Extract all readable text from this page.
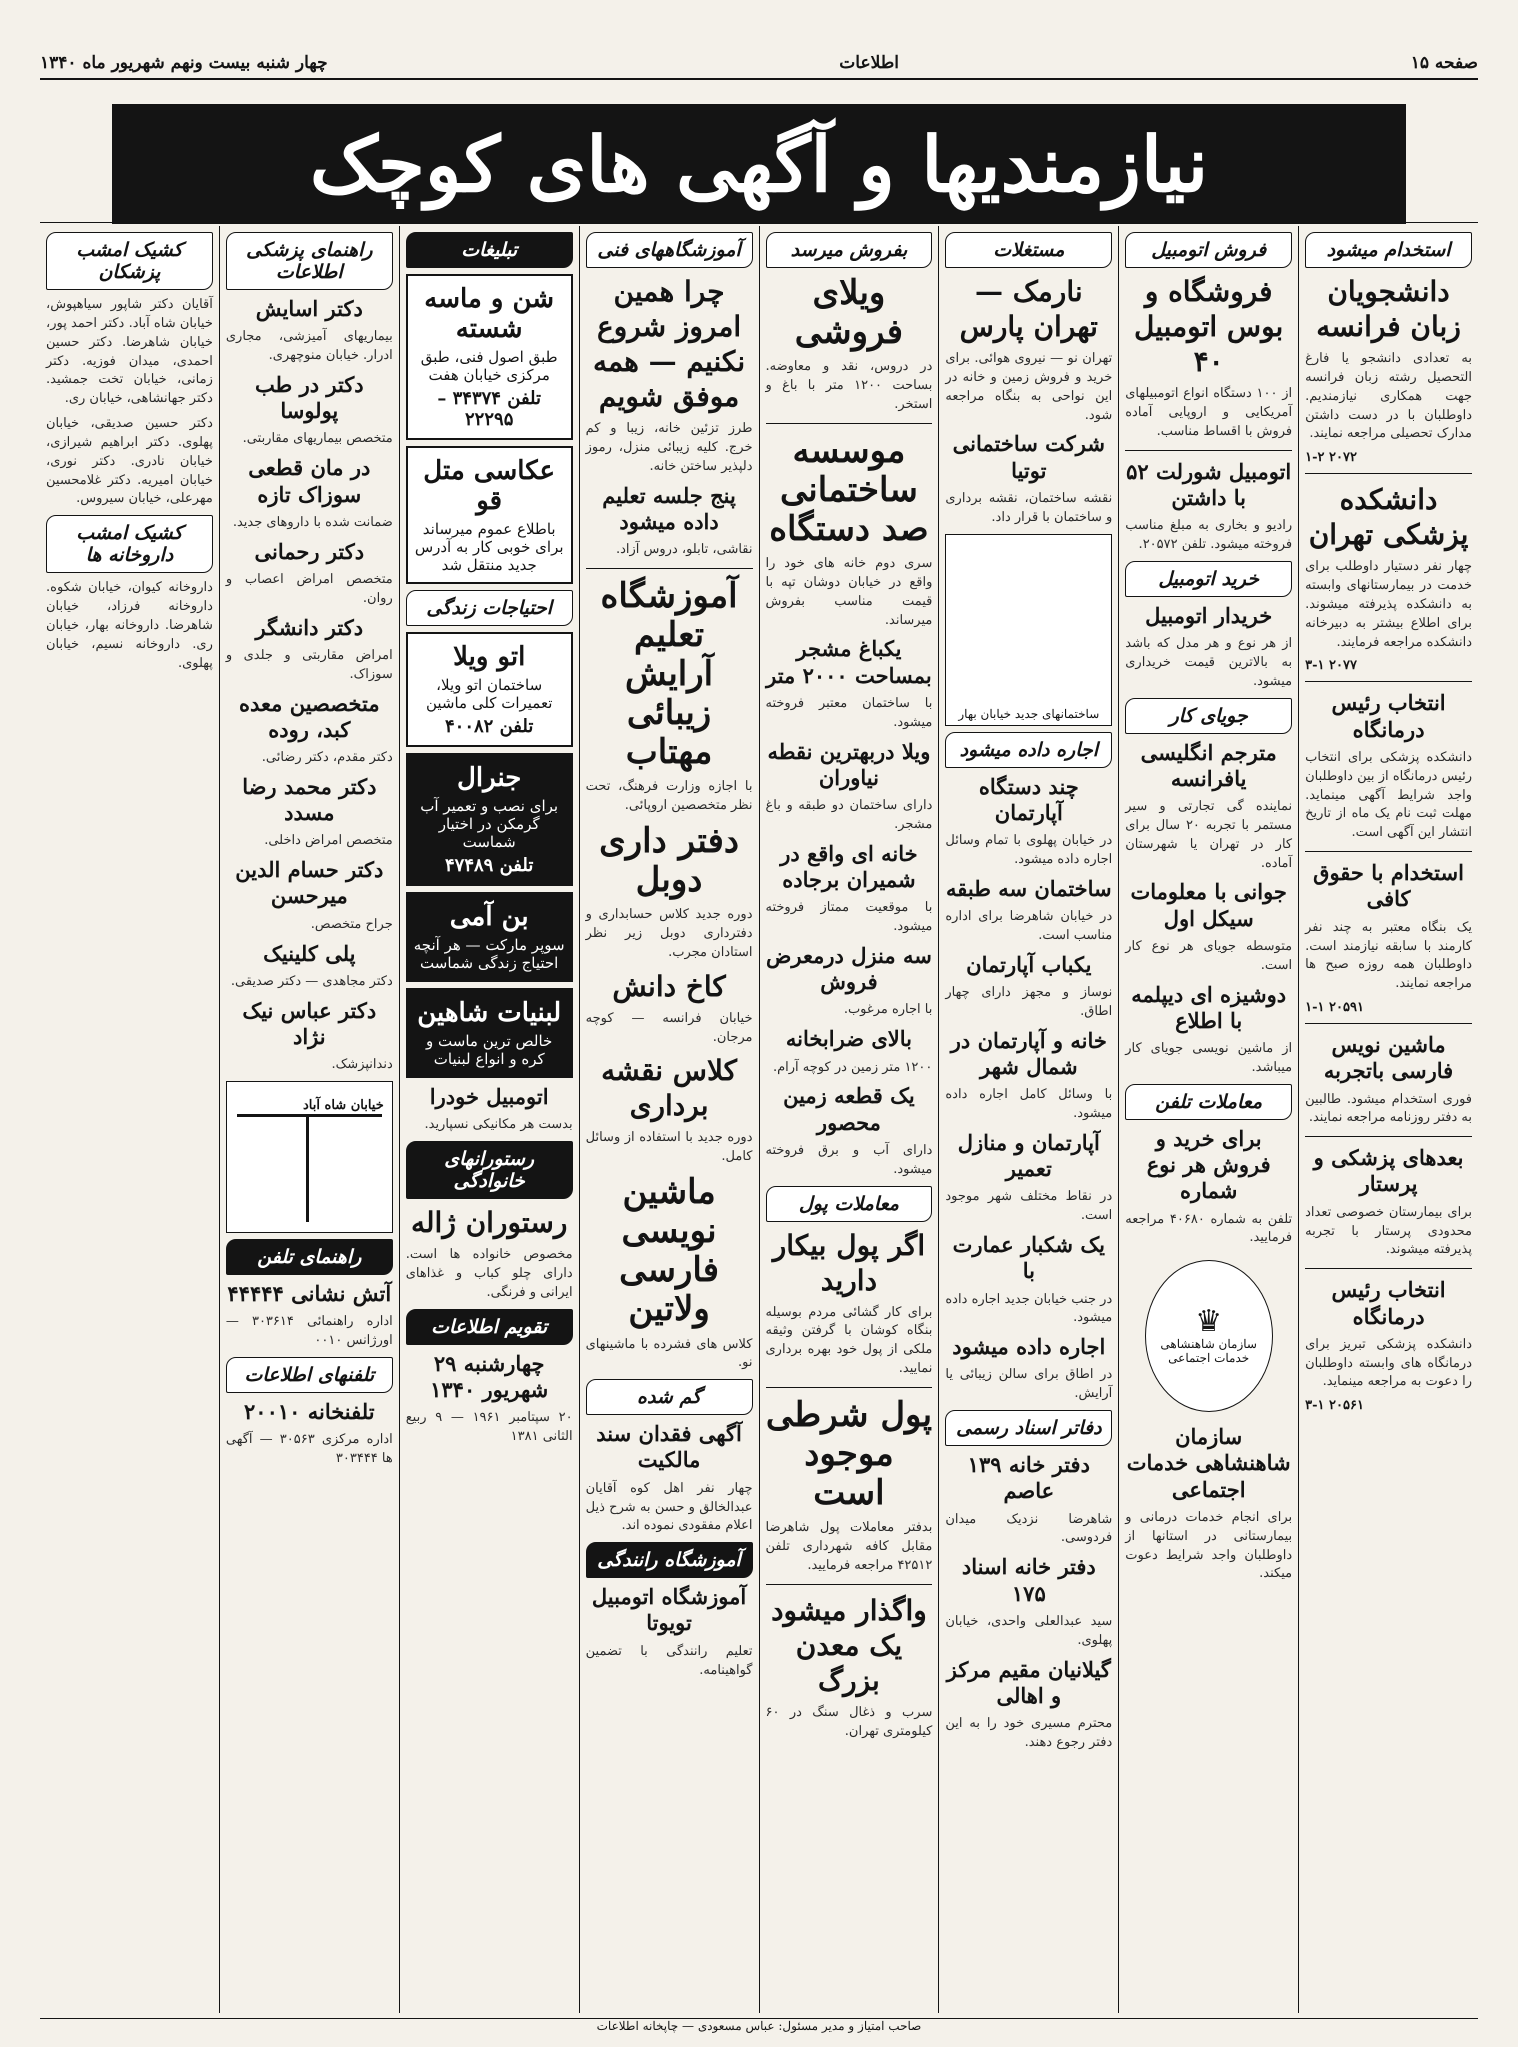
صفحه ۱۵
اطلاعات
چهار شنبه بیست ونهم شهریور ماه ۱۳۴۰
نیازمندیها و آگهی های کوچک
استخدام میشود
دانشجویان زبان فرانسه
به تعدادی دانشجو یا فارغ التحصیل رشته زبان فرانسه جهت همکاری نیازمندیم. داوطلبان با در دست داشتن مدارک تحصیلی مراجعه نمایند.
۱-۲ ۲۰۷۲
دانشکده پزشکی تهران
چهار نفر دستیار داوطلب برای خدمت در بیمارستانهای وابسته به دانشکده پذیرفته میشوند. برای اطلاع بیشتر به دبیرخانه دانشکده مراجعه فرمایند.
۳-۱ ۲۰۷۷
انتخاب رئیس درمانگاه
دانشکده پزشکی برای انتخاب رئیس درمانگاه از بین داوطلبان واجد شرایط آگهی مینماید. مهلت ثبت نام یک ماه از تاریخ انتشار این آگهی است.
استخدام با حقوق کافی
یک بنگاه معتبر به چند نفر کارمند با سابقه نیازمند است. داوطلبان همه روزه صبح ها مراجعه نمایند.
۱-۱ ۲۰۵۹۱
ماشین نویس فارسی باتجربه
فوری استخدام میشود. طالبین به دفتر روزنامه مراجعه نمایند.
بعدهای پزشکی و پرستار
برای بیمارستان خصوصی تعداد محدودی پرستار با تجربه پذیرفته میشوند.
انتخاب رئیس درمانگاه
دانشکده پزشکی تبریز برای درمانگاه های وابسته داوطلبان را دعوت به مراجعه مینماید.
۳-۱ ۲۰۵۶۱
فروش اتومبیل
فروشگاه و بوس اتومبیل ۴۰
از ۱۰۰ دستگاه انواع اتومبیلهای آمریکایی و اروپایی آماده فروش با اقساط مناسب.
اتومبیل شورلت ۵۲ با داشتن
رادیو و بخاری به مبلغ مناسب فروخته میشود. تلفن ۲۰۵۷۲.
خرید اتومبیل
خریدار اتومبیل
از هر نوع و هر مدل که باشد به بالاترین قیمت خریداری میشود.
جویای کار
مترجم انگلیسی یافرانسه
نماینده گی تجارتی و سیر مستمر با تجربه ۲۰ سال برای کار در تهران یا شهرستان آماده.
جوانی با معلومات سیکل اول
متوسطه جویای هر نوع کار است.
دوشیزه ای دیپلمه با اطلاع
از ماشین نویسی جویای کار میباشد.
معاملات تلفن
برای خرید و فروش هر نوع شماره
تلفن به شماره ۴۰۶۸۰ مراجعه فرمایید.
♛
سازمان شاهنشاهی خدمات اجتماعی
سازمان شاهنشاهی خدمات اجتماعی
برای انجام خدمات درمانی و بیمارستانی در استانها از داوطلبان واجد شرایط دعوت میکند.
مستغلات
نارمک — تهران پارس
تهران نو — نیروی هوائی. برای خرید و فروش زمین و خانه در این نواحی به بنگاه مراجعه شود.
شرکت ساختمانی توتیا
نقشه ساختمان، نقشه برداری و ساختمان با قرار داد.
ساختمانهای جدید خیابان بهار
اجاره داده میشود
چند دستگاه آپارتمان
در خیابان پهلوی با تمام وسائل اجاره داده میشود.
ساختمان سه طبقه
در خیابان شاهرضا برای اداره مناسب است.
یکباب آپارتمان
نوساز و مجهز دارای چهار اطاق.
خانه و آپارتمان در شمال شهر
با وسائل کامل اجاره داده میشود.
آپارتمان و منازل تعمیر
در نقاط مختلف شهر موجود است.
یک شکبار عمارت با
در جنب خیابان جدید اجاره داده میشود.
اجاره داده میشود
در اطاق برای سالن زیبائی یا آرایش.
دفاتر اسناد رسمی
دفتر خانه ۱۳۹ عاصم
شاهرضا نزدیک میدان فردوسی.
دفتر خانه اسناد ۱۷۵
سید عبدالعلی واحدی، خیابان پهلوی.
گیلانیان مقیم مرکز و اهالی
محترم مسیری خود را به این دفتر رجوع دهند.
بفروش میرسد
ویلای فروشی
در دروس، نقد و معاوضه. بساحت ۱۲۰۰ متر با باغ و استخر.
موسسه ساختمانی صد دستگاه
سری دوم خانه های خود را واقع در خیابان دوشان تپه با قیمت مناسب بفروش میرساند.
یکباغ مشجر بمساحت ۲۰۰۰ متر
با ساختمان معتبر فروخته میشود.
ویلا دربهترین نقطه نیاوران
دارای ساختمان دو طبقه و باغ مشجر.
خانه ای واقع در شمیران برجاده
با موقعیت ممتاز فروخته میشود.
سه منزل درمعرض فروش
با اجاره مرغوب.
بالای ضرابخانه
۱۲۰۰ متر زمین در کوچه آرام.
یک قطعه زمین محصور
دارای آب و برق فروخته میشود.
معاملات پول
اگر پول بیکار دارید
برای کار گشائی مردم بوسیله بنگاه کوشان با گرفتن وثیقه ملکی از پول خود بهره برداری نمایید.
پول شرطی موجود است
بدفتر معاملات پول شاهرضا مقابل کافه شهرداری تلفن ۴۲۵۱۲ مراجعه فرمایید.
واگذار میشود یک معدن بزرگ
سرب و ذغال سنگ در ۶۰ کیلومتری تهران.
آموزشگاههای فنی
چرا همین امروز شروع نکنیم — همه موفق شویم
طرز تزئین خانه، زیبا و کم خرج. کلیه زیبائی منزل، رموز دلپذیر ساختن خانه.
پنج جلسه تعلیم داده میشود
نقاشی، تابلو، دروس آزاد.
آموزشگاه تعلیم آرایش زیبائی مهتاب
با اجازه وزارت فرهنگ، تحت نظر متخصصین اروپائی.
دفتر داری دوبل
دوره جدید کلاس حسابداری و دفترداری دوبل زیر نظر استادان مجرب.
کاخ دانش
خیابان فرانسه — کوچه مرجان.
کلاس نقشه برداری
دوره جدید با استفاده از وسائل کامل.
ماشین نویسی فارسی ولاتین
کلاس های فشرده با ماشینهای نو.
گم شده
آگهی فقدان سند مالکیت
چهار نفر اهل کوه آقایان عبدالخالق و حسن به شرح ذیل اعلام مفقودی نموده اند.
آموزشگاه رانندگی
آموزشگاه اتومبیل تویوتا
تعلیم رانندگی با تضمین گواهینامه.
تبلیغات
شن و ماسه شسته
طبق اصول فنی، طبق مرکزی خیابان هفت
تلفن ۳۴۳۷۴ – ۲۲۲۹۵
عکاسی متل قو
باطلاع عموم میرساند برای خوبی کار به آدرس جدید منتقل شد
احتیاجات زندگی
اتو ویلا
ساختمان اتو ویلا، تعمیرات کلی ماشین
تلفن ۴۰۰۸۲
جنرال
برای نصب و تعمیر آب گرمکن در اختیار شماست
تلفن ۴۷۴۸۹
بن آمی
سوپر مارکت — هر آنچه احتیاج زندگی شماست
لبنیات شاهین
خالص ترین ماست و کره و انواع لبنیات
اتومبیل خودرا
بدست هر مکانیکی نسپارید.
رستورانهای خانوادگی
رستوران ژاله
مخصوص خانواده ها است. دارای چلو کباب و غذاهای ایرانی و فرنگی.
تقویم اطلاعات
چهارشنبه ۲۹ شهریور ۱۳۴۰
۲۰ سپتامبر ۱۹۶۱ — ۹ ربیع الثانی ۱۳۸۱
راهنمای پزشکی اطلاعات
دکتر اسایش
بیماریهای آمیزشی، مجاری ادرار. خیابان منوچهری.
دکتر در طب پولوسا
متخصص بیماریهای مقاربتی.
در مان قطعی سوزاک تازه
ضمانت شده با داروهای جدید.
دکتر رحمانی
متخصص امراض اعصاب و روان.
دکتر دانشگر
امراض مقاربتی و جلدی و سوزاک.
متخصصین معده کبد، روده
دکتر مقدم، دکتر رضائی.
دکتر محمد رضا مسدد
متخصص امراض داخلی.
دکتر حسام الدین میرحسن
جراح متخصص.
پلی کلینیک
دکتر مجاهدی — دکتر صدیقی.
دکتر عباس نیک نژاد
دندانپزشک.
خیابان شاه آباد
راهنمای تلفن
آتش نشانی ۴۴۴۴۴
اداره راهنمائی ۳۰۳۶۱۴ — اورژانس ۰۰۱۰
تلفنهای اطلاعات
تلفنخانه ۲۰۰۱۰
اداره مرکزی ۳۰۵۶۳ — آگهی ها ۳۰۳۴۴۴
کشیک امشب پزشکان
آقایان دکتر شاپور سیاهپوش، خیابان شاه آباد. دکتر احمد پور، خیابان شاهرضا. دکتر حسین احمدی، میدان فوزیه. دکتر زمانی، خیابان تخت جمشید. دکتر جهانشاهی، خیابان ری.
دکتر حسین صدیقی، خیابان پهلوی. دکتر ابراهیم شیرازی، خیابان نادری. دکتر نوری، خیابان امیریه. دکتر غلامحسین مهرعلی، خیابان سیروس.
کشیک امشب داروخانه ها
داروخانه کیوان، خیابان شکوه. داروخانه فرزاد، خیابان شاهرضا. داروخانه بهار، خیابان ری. داروخانه نسیم، خیابان پهلوی.
صاحب امتیاز و مدیر مسئول: عباس مسعودی — چاپخانه اطلاعات
